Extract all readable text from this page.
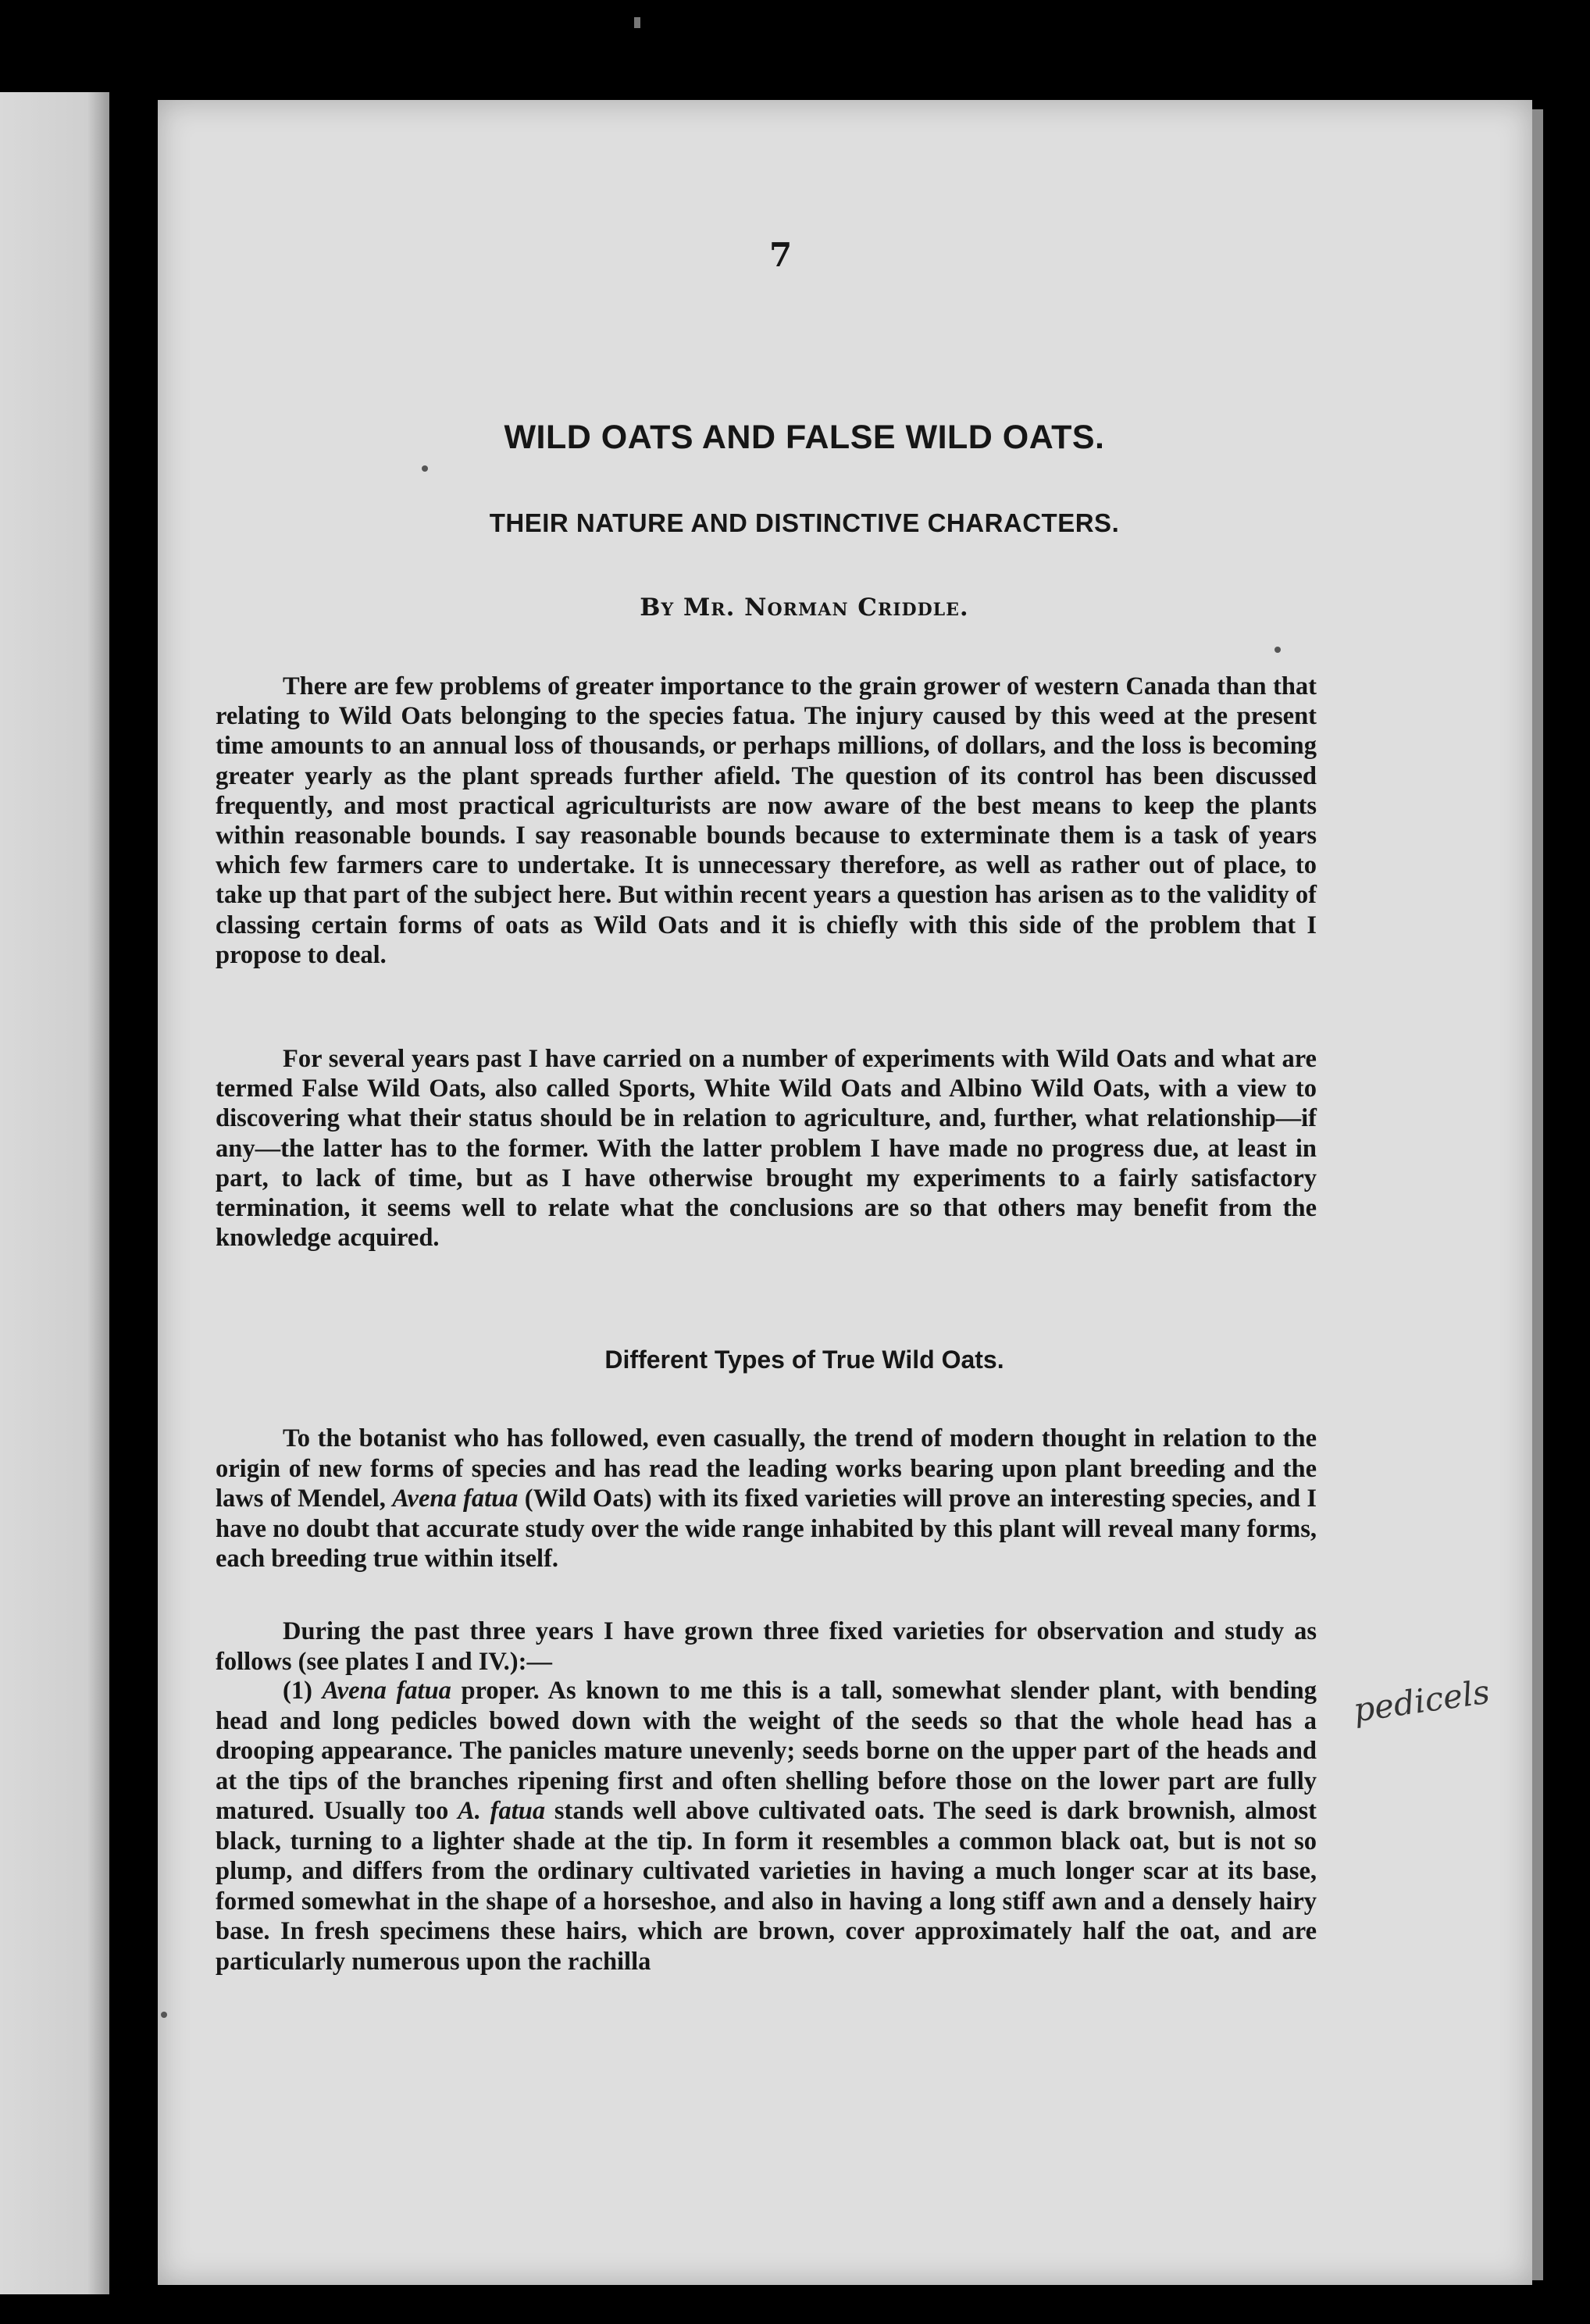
7
WILD OATS AND FALSE WILD OATS.
THEIR NATURE AND DISTINCTIVE CHARACTERS.
By Mr. Norman Criddle.
There are few problems of greater importance to the grain grower of western Canada than that relating to Wild Oats belonging to the species fatua. The injury caused by this weed at the present time amounts to an annual loss of thousands, or perhaps millions, of dollars, and the loss is becoming greater yearly as the plant spreads further afield. The question of its control has been discussed frequently, and most practical agriculturists are now aware of the best means to keep the plants within reasonable bounds. I say reasonable bounds because to exterminate them is a task of years which few farmers care to undertake. It is unnecessary therefore, as well as rather out of place, to take up that part of the subject here. But within recent years a question has arisen as to the validity of classing certain forms of oats as Wild Oats and it is chiefly with this side of the problem that I propose to deal.
For several years past I have carried on a number of experiments with Wild Oats and what are termed False Wild Oats, also called Sports, White Wild Oats and Albino Wild Oats, with a view to discovering what their status should be in relation to agriculture, and, further, what relationship—if any—the latter has to the former. With the latter problem I have made no progress due, at least in part, to lack of time, but as I have otherwise brought my experiments to a fairly satisfactory termination, it seems well to relate what the conclusions are so that others may benefit from the knowledge acquired.
Different Types of True Wild Oats.
To the botanist who has followed, even casually, the trend of modern thought in relation to the origin of new forms of species and has read the leading works bearing upon plant breeding and the laws of Mendel, Avena fatua (Wild Oats) with its fixed varieties will prove an interesting species, and I have no doubt that accurate study over the wide range inhabited by this plant will reveal many forms, each breeding true within itself.
During the past three years I have grown three fixed varieties for observation and study as follows (see plates I and IV.):—
(1) Avena fatua proper. As known to me this is a tall, somewhat slender plant, with bending head and long pedicles bowed down with the weight of the seeds so that the whole head has a drooping appearance. The panicles mature unevenly; seeds borne on the upper part of the heads and at the tips of the branches ripening first and often shelling before those on the lower part are fully matured. Usually too A. fatua stands well above cultivated oats. The seed is dark brownish, almost black, turning to a lighter shade at the tip. In form it resembles a common black oat, but is not so plump, and differs from the ordinary cultivated varieties in having a much longer scar at its base, formed somewhat in the shape of a horseshoe, and also in having a long stiff awn and a densely hairy base. In fresh specimens these hairs, which are brown, cover approximately half the oat, and are particularly numerous upon the rachilla
pedicels
